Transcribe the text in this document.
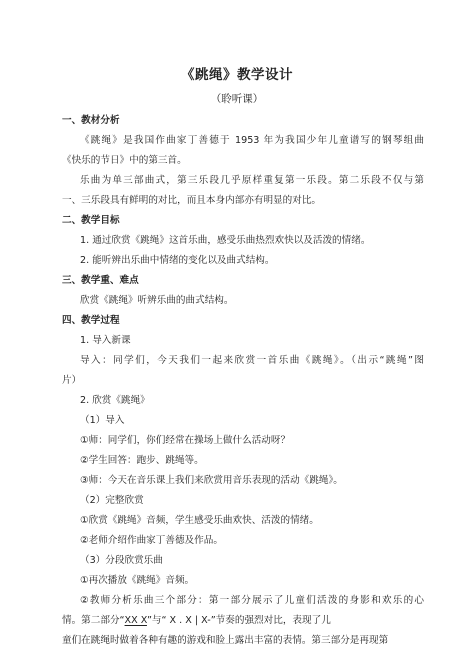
《跳绳》教学设计
（聆听课）
一、教材分析
《跳绳》是我国作曲家丁善德于 1953 年为我国少年儿童谱写的钢琴组曲
《快乐的节日》中的第三首。
乐曲为单三部曲式，第三乐段几乎原样重复第一乐段。第二乐段不仅与第
一、三乐段具有鲜明的对比，而且本身内部亦有明显的对比。
二、教学目标
1. 通过欣赏《跳绳》这首乐曲，感受乐曲热烈欢快以及活泼的情绪。
2. 能听辨出乐曲中情绪的变化以及曲式结构。
三、教学重、难点
欣赏《跳绳》听辨乐曲的曲式结构。
四、教学过程
1. 导入新课
导入：同学们，今天我们一起来欣赏一首乐曲《跳绳》。（出示“跳绳”图
片）
2. 欣赏《跳绳》
（1）导入
①师：同学们，你们经常在操场上做什么活动呀？
②学生回答：跑步、跳绳等。
③师：今天在音乐课上我们来欣赏用音乐表现的活动《跳绳》。
（2）完整欣赏
①欣赏《跳绳》音频，学生感受乐曲欢快、活泼的情绪。
②老师介绍作曲家丁善德及作品。
（3）分段欣赏乐曲
①再次播放《跳绳》音频。
②教师分析乐曲三个部分：第一部分展示了儿童们活泼的身影和欢乐的心
情。第二部分“XX X”与“ X . X | X-”节奏的强烈对比，表现了儿
童们在跳绳时做着各种有趣的游戏和脸上露出丰富的表情。第三部分是再现第
